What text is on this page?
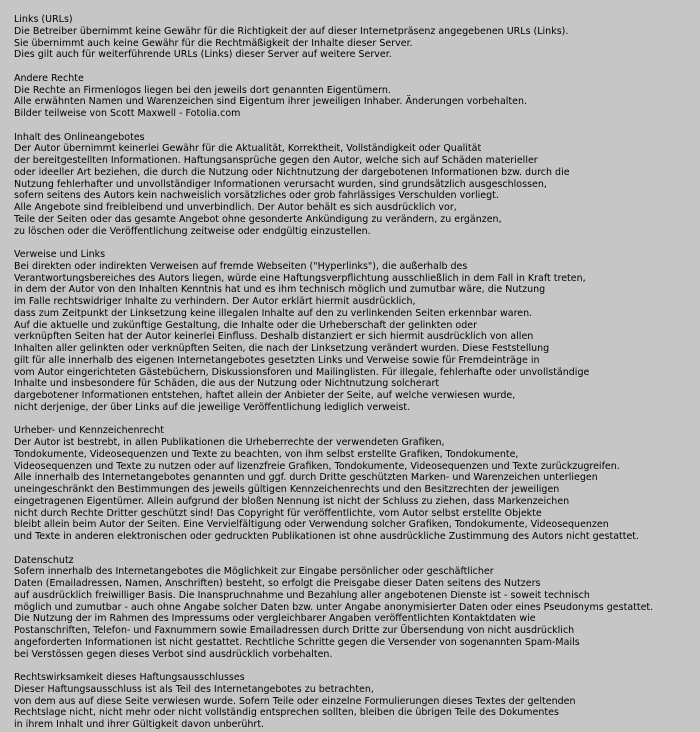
Links (URLs)
Die Betreiber übernimmt keine Gewähr für die Richtigkeit der auf dieser Internetpräsenz angegebenen URLs (Links).
Sie übernimmt auch keine Gewähr für die Rechtmäßigkeit der Inhalte dieser Server.
Dies gilt auch für weiterführende URLs (Links) dieser Server auf weitere Server.
Andere Rechte
Die Rechte an Firmenlogos liegen bei den jeweils dort genannten Eigentümern.
Alle erwähnten Namen und Warenzeichen sind Eigentum ihrer jeweiligen Inhaber. Änderungen vorbehalten.
Bilder teilweise von Scott Maxwell - Fotolia.com
Inhalt des Onlineangebotes
Der Autor übernimmt keinerlei Gewähr für die Aktualität, Korrektheit, Vollständigkeit oder Qualität
der bereitgestellten Informationen. Haftungsansprüche gegen den Autor, welche sich auf Schäden materieller
oder ideeller Art beziehen, die durch die Nutzung oder Nichtnutzung der dargebotenen Informationen bzw. durch die
Nutzung fehlerhafter und unvollständiger Informationen verursacht wurden, sind grundsätzlich ausgeschlossen,
sofern seitens des Autors kein nachweislich vorsätzliches oder grob fahrlässiges Verschulden vorliegt.
Alle Angebote sind freibleibend und unverbindlich. Der Autor behält es sich ausdrücklich vor,
Teile der Seiten oder das gesamte Angebot ohne gesonderte Ankündigung zu verändern, zu ergänzen,
zu löschen oder die Veröffentlichung zeitweise oder endgültig einzustellen.
Verweise und Links
Bei direkten oder indirekten Verweisen auf fremde Webseiten ("Hyperlinks"), die außerhalb des
Verantwortungsbereiches des Autors liegen, würde eine Haftungsverpflichtung ausschließlich in dem Fall in Kraft treten,
in dem der Autor von den Inhalten Kenntnis hat und es ihm technisch möglich und zumutbar wäre, die Nutzung
im Falle rechtswidriger Inhalte zu verhindern. Der Autor erklärt hiermit ausdrücklich,
dass zum Zeitpunkt der Linksetzung keine illegalen Inhalte auf den zu verlinkenden Seiten erkennbar waren.
Auf die aktuelle und zukünftige Gestaltung, die Inhalte oder die Urheberschaft der gelinkten oder
verknüpften Seiten hat der Autor keinerlei Einfluss. Deshalb distanziert er sich hiermit ausdrücklich von allen
Inhalten aller gelinkten oder verknüpften Seiten, die nach der Linksetzung verändert wurden. Diese Feststellung
gilt für alle innerhalb des eigenen Internetangebotes gesetzten Links und Verweise sowie für Fremdeinträge in
vom Autor eingerichteten Gästebüchern, Diskussionsforen und Mailinglisten. Für illegale, fehlerhafte oder unvollständige
Inhalte und insbesondere für Schäden, die aus der Nutzung oder Nichtnutzung solcherart
dargebotener Informationen entstehen, haftet allein der Anbieter der Seite, auf welche verwiesen wurde,
nicht derjenige, der über Links auf die jeweilige Veröffentlichung lediglich verweist.
Urheber- und Kennzeichenrecht
Der Autor ist bestrebt, in allen Publikationen die Urheberrechte der verwendeten Grafiken,
Tondokumente, Videosequenzen und Texte zu beachten, von ihm selbst erstellte Grafiken, Tondokumente,
Videosequenzen und Texte zu nutzen oder auf lizenzfreie Grafiken, Tondokumente, Videosequenzen und Texte zurückzugreifen.
Alle innerhalb des Internetangebotes genannten und ggf. durch Dritte geschützten Marken- und Warenzeichen unterliegen
uneingeschränkt den Bestimmungen des jeweils gültigen Kennzeichenrechts und den Besitzrechten der jeweiligen
eingetragenen Eigentümer. Allein aufgrund der bloßen Nennung ist nicht der Schluss zu ziehen, dass Markenzeichen
nicht durch Rechte Dritter geschützt sind! Das Copyright für veröffentlichte, vom Autor selbst erstellte Objekte
bleibt allein beim Autor der Seiten. Eine Vervielfältigung oder Verwendung solcher Grafiken, Tondokumente, Videosequenzen
und Texte in anderen elektronischen oder gedruckten Publikationen ist ohne ausdrückliche Zustimmung des Autors nicht gestattet.
Datenschutz
Sofern innerhalb des Internetangebotes die Möglichkeit zur Eingabe persönlicher oder geschäftlicher
Daten (Emailadressen, Namen, Anschriften) besteht, so erfolgt die Preisgabe dieser Daten seitens des Nutzers
auf ausdrücklich freiwilliger Basis. Die Inanspruchnahme und Bezahlung aller angebotenen Dienste ist - soweit technisch
möglich und zumutbar - auch ohne Angabe solcher Daten bzw. unter Angabe anonymisierter Daten oder eines Pseudonyms gestattet.
Die Nutzung der im Rahmen des Impressums oder vergleichbarer Angaben veröffentlichten Kontaktdaten wie
Postanschriften, Telefon- und Faxnummern sowie Emailadressen durch Dritte zur Übersendung von nicht ausdrücklich
angeforderten Informationen ist nicht gestattet. Rechtliche Schritte gegen die Versender von sogenannten Spam-Mails
bei Verstössen gegen dieses Verbot sind ausdrücklich vorbehalten.
Rechtswirksamkeit dieses Haftungsausschlusses
Dieser Haftungsausschluss ist als Teil des Internetangebotes zu betrachten,
von dem aus auf diese Seite verwiesen wurde. Sofern Teile oder einzelne Formulierungen dieses Textes der geltenden
Rechtslage nicht, nicht mehr oder nicht vollständig entsprechen sollten, bleiben die übrigen Teile des Dokumentes
in ihrem Inhalt und ihrer Gültigkeit davon unberührt.
